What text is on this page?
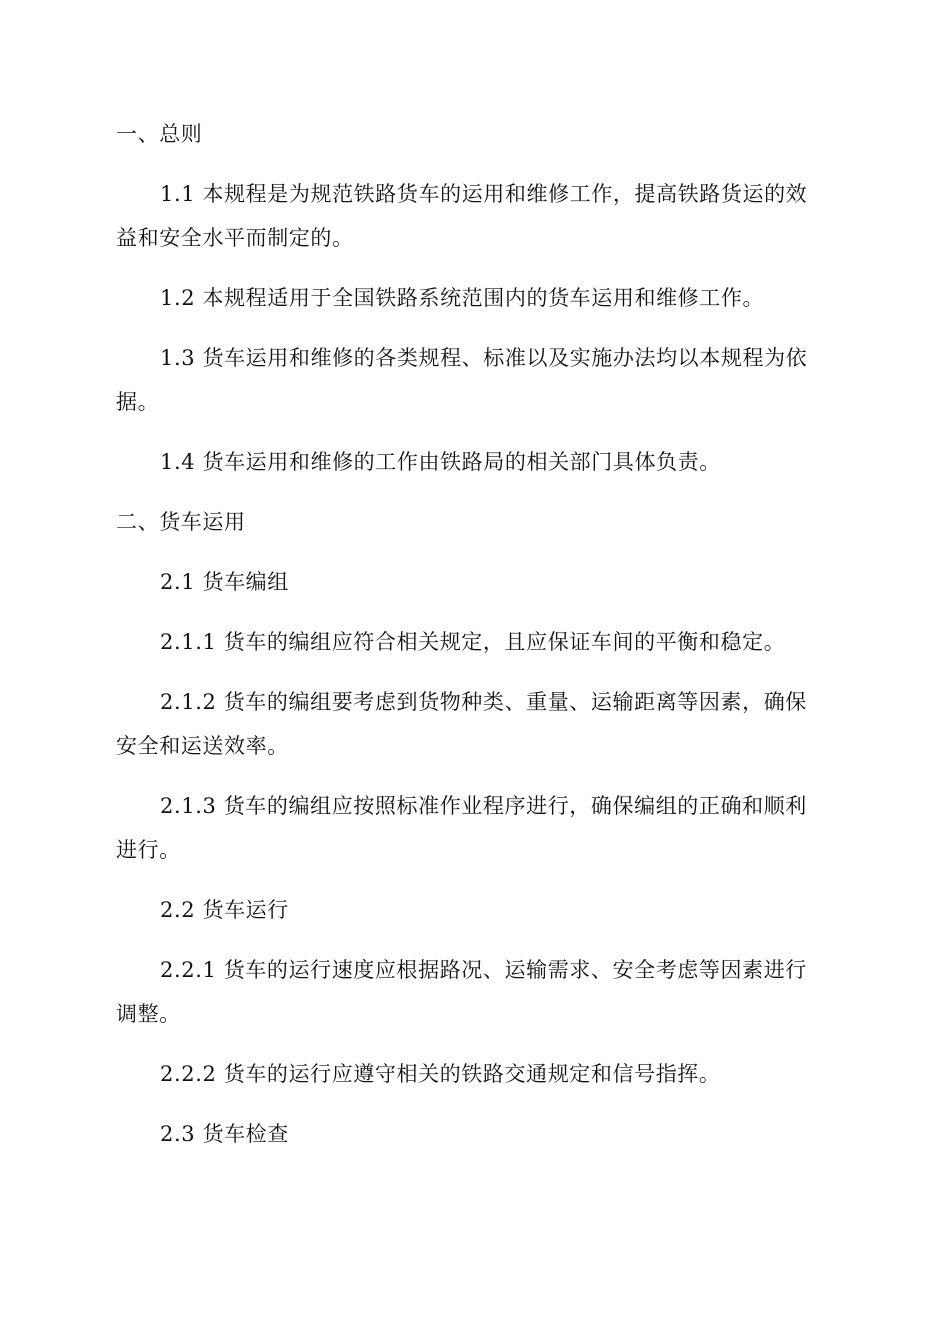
一、总则

1.1 本规程是为规范铁路货车的运用和维修工作，提高铁路货运的效益和安全水平而制定的。

1.2 本规程适用于全国铁路系统范围内的货车运用和维修工作。

1.3 货车运用和维修的各类规程、标准以及实施办法均以本规程为依据。

1.4 货车运用和维修的工作由铁路局的相关部门具体负责。

二、货车运用

2.1 货车编组

2.1.1 货车的编组应符合相关规定，且应保证车间的平衡和稳定。

2.1.2 货车的编组要考虑到货物种类、重量、运输距离等因素，确保安全和运送效率。

2.1.3 货车的编组应按照标准作业程序进行，确保编组的正确和顺利进行。

2.2 货车运行

2.2.1 货车的运行速度应根据路况、运输需求、安全考虑等因素进行调整。

2.2.2 货车的运行应遵守相关的铁路交通规定和信号指挥。

2.3 货车检查
